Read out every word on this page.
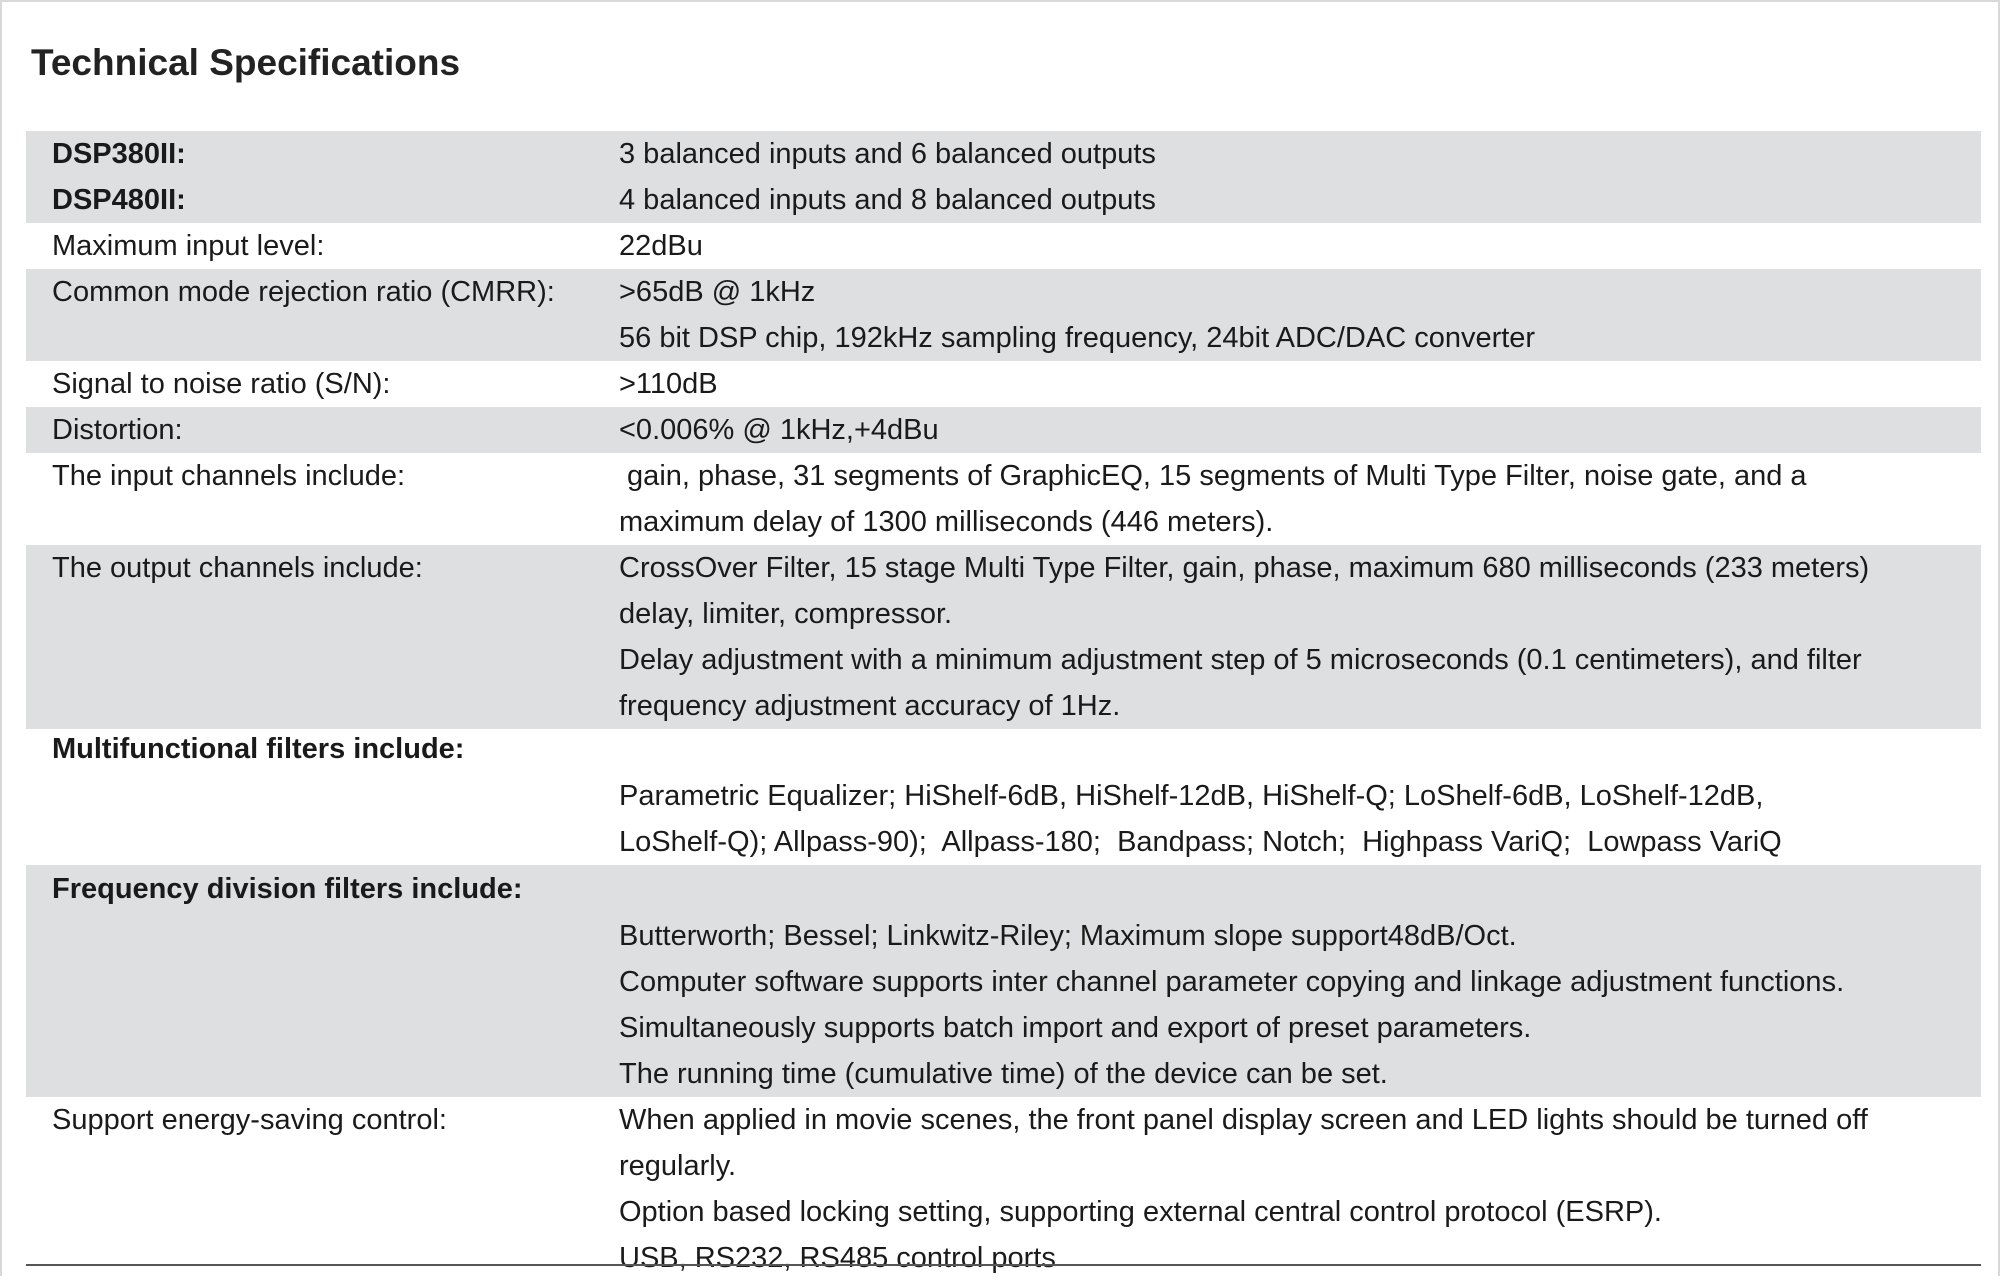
Technical Specifications
DSP380II:	3 balanced inputs and 6 balanced outputs
DSP480II:	4 balanced inputs and 8 balanced outputs
Maximum input level:	22dBu
Common mode rejection ratio (CMRR): >65dB @ 1kHz
56 bit DSP chip, 192kHz sampling frequency, 24bit ADC/DAC converter
Signal to noise ratio (S/N):	>110dB
Distortion:	<0.006% @ 1kHz,+4dBu
The input channels include:	gain, phase, 31 segments of GraphicEQ, 15 segments of Multi Type Filter, noise gate, and a
maximum delay of 1300 milliseconds (446 meters).
The output channels include:	CrossOver Filter, 15 stage Multi Type Filter, gain, phase, maximum 680 milliseconds (233 meters)
delay, limiter, compressor.
Delay adjustment with a minimum adjustment step of 5 microseconds (0.1 centimeters), and filter
frequency adjustment accuracy of 1Hz.
Multifunctional filters include:
Parametric Equalizer; HiShelf-6dB, HiShelf-12dB, HiShelf-Q; LoShelf-6dB, LoShelf-12dB,
LoShelf-Q); Allpass-90);  Allpass-180;  Bandpass; Notch;  Highpass VariQ;  Lowpass VariQ
Frequency division filters include:
Butterworth; Bessel; Linkwitz-Riley; Maximum slope support48dB/Oct.
Computer software supports inter channel parameter copying and linkage adjustment functions.
Simultaneously supports batch import and export of preset parameters.
The running time (cumulative time) of the device can be set.
Support energy-saving control:	When applied in movie scenes, the front panel display screen and LED lights should be turned off
regularly.
Option based locking setting, supporting external central control protocol (ESRP).
USB, RS232, RS485 control ports
